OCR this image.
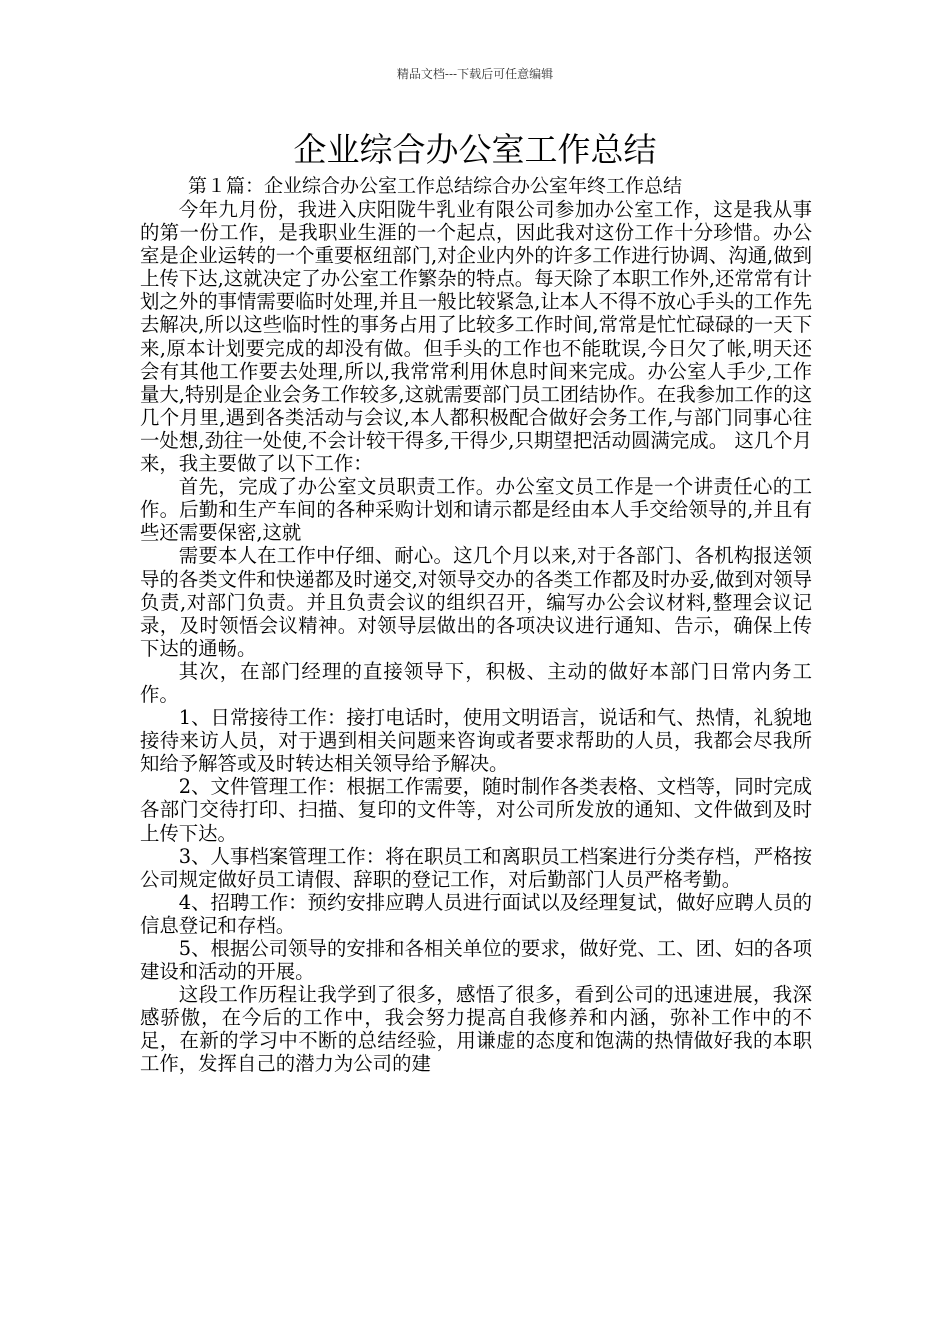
精品文档---下载后可任意编辑
企业综合办公室工作总结
第１篇：企业综合办公室工作总结综合办公室年终工作总结

今年九月份，我进入庆阳陇牛乳业有限公司参加办公室工作，这是我从事的第一份工作，是我职业生涯的一个起点，因此我对这份工作十分珍惜。办公室是企业运转的一个重要枢纽部门,对企业内外的许多工作进行协调、沟通,做到上传下达,这就决定了办公室工作繁杂的特点。每天除了本职工作外,还常常有计划之外的事情需要临时处理,并且一般比较紧急,让本人不得不放心手头的工作先去解决,所以这些临时性的事务占用了比较多工作时间,常常是忙忙碌碌的一天下来,原本计划要完成的却没有做。但手头的工作也不能耽误,今日欠了帐,明天还会有其他工作要去处理,所以,我常常利用休息时间来完成。办公室人手少,工作量大,特别是企业会务工作较多,这就需要部门员工团结协作。在我参加工作的这几个月里,遇到各类活动与会议,本人都积极配合做好会务工作,与部门同事心往一处想,劲往一处使,不会计较干得多,干得少,只期望把活动圆满完成。 这几个月来，我主要做了以下工作：

首先，完成了办公室文员职责工作。办公室文员工作是一个讲责任心的工作。后勤和生产车间的各种采购计划和请示都是经由本人手交给领导的,并且有些还需要保密,这就

需要本人在工作中仔细、耐心。这几个月以来,对于各部门、各机构报送领导的各类文件和快递都及时递交,对领导交办的各类工作都及时办妥,做到对领导负责,对部门负责。并且负责会议的组织召开，编写办公会议材料,整理会议记录，及时领悟会议精神。对领导层做出的各项决议进行通知、告示，确保上传下达的通畅。

其次，在部门经理的直接领导下，积极、主动的做好本部门日常内务工作。

1、日常接待工作：接打电话时，使用文明语言，说话和气、热情，礼貌地接待来访人员，对于遇到相关问题来咨询或者要求帮助的人员，我都会尽我所知给予解答或及时转达相关领导给予解决。

2、文件管理工作：根据工作需要，随时制作各类表格、文档等，同时完成各部门交待打印、扫描、复印的文件等，对公司所发放的通知、文件做到及时上传下达。

3、人事档案管理工作：将在职员工和离职员工档案进行分类存档，严格按公司规定做好员工请假、辞职的登记工作，对后勤部门人员严格考勤。

4、招聘工作：预约安排应聘人员进行面试以及经理复试，做好应聘人员的信息登记和存档。

5、根据公司领导的安排和各相关单位的要求，做好党、工、团、妇的各项建设和活动的开展。

这段工作历程让我学到了很多，感悟了很多，看到公司的迅速进展，我深感骄傲，在今后的工作中，我会努力提高自我修养和内涵，弥补工作中的不足，在新的学习中不断的总结经验，用谦虚的态度和饱满的热情做好我的本职工作，发挥自己的潜力为公司的建
